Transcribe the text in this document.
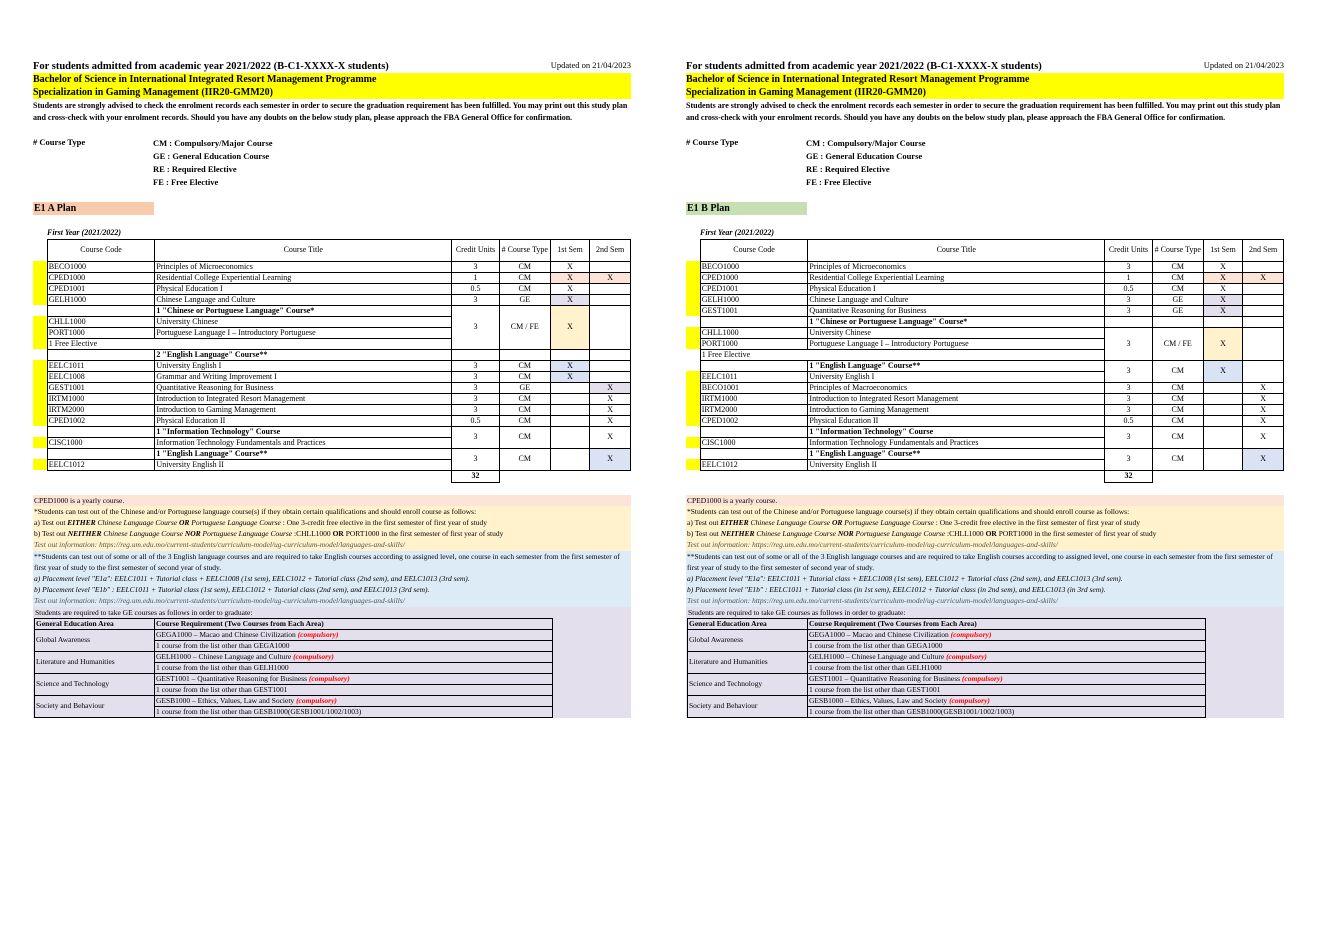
For students admitted from academic year 2021/2022 (B-C1-XXXX-X students)	Updated on 21/04/2023
Bachelor of Science in International Integrated Resort Management Programme
Specialization in Gaming Management (IIR20-GMM20)
Students are strongly advised to check the enrolment records each semester in order to secure the graduation requirement has been fulfilled. You may print out this study plan and cross-check with your enrolment records. Should you have any doubts on the below study plan, please approach the FBA General Office for confirmation.
# Course Type	CM : Compulsory/Major Course
GE : General Education Course
RE : Required Elective
FE : Free Elective
E1 A Plan
First Year (2021/2022)
	Course Code	Course Title	Credit Units	# Course Type	1st Sem	2nd Sem
	BECO1000	Principles of Microeconomics	3	CM	X	
	CPED1000	Residential College Experiential Learning	1	CM	X	X
	CPED1001	Physical Education I	0.5	CM	X	
	GELH1000	Chinese Language and Culture	3	GE	X	
		1 "Chinese or Portuguese Language" Course*	3	CM / FE	X	
	CHLL1000	University Chinese				
	PORT1000	Portuguese Language I – Introductory Portuguese				
	1 Free Elective					
		2 "English Language" Course**				
	EELC1011	University English I	3	CM	X	
	EELC1008	Grammar and Writing Improvement I	3	CM	X	
	GEST1001	Quantitative Reasoning for Business	3	GE		X
	IRTM1000	Introduction to Integrated Resort Management	3	CM		X
	IRTM2000	Introduction to Gaming Management	3	CM		X
	CPED1002	Physical Education II	0.5	CM		X
		1 "Information Technology" Course	3	CM		X
	CISC1000	Information Technology Fundamentals and Practices				
		1 "English Language" Course**	3	CM		X
	EELC1012	University English II				
			32			
CPED1000 is a yearly course.
*Students can test out of the Chinese and/or Portuguese language course(s) if they obtain certain qualifications and should enroll course as follows:
a) Test out EITHER Chinese Language Course OR Portuguese Language Course : One 3-credit free elective in the first semester of first year of study
b) Test out NEITHER Chinese Language Course NOR Portuguese Language Course :CHLL1000 OR PORT1000 in the first semester of first year of study
Test out information: https://reg.um.edu.mo/current-students/curriculum-model/ug-curriculum-model/languages-and-skills/
**Students can test out of some or all of the 3 English language courses and are required to take English courses according to assigned level, one course in each semester from the first semester of first year of study to the first semester of second year of study.
a) Placement level "E1a": EELC1011 + Tutorial class + EELC1008 (1st sem), EELC1012 + Tutorial class (2nd sem), and EELC1013 (3rd sem).
b) Placement level "E1b" : EELC1011 + Tutorial class (1st sem), EELC1012 + Tutorial class (2nd sem), and EELC1013 (3rd sem).
Test out information: https://reg.um.edu.mo/current-students/curriculum-model/ug-curriculum-model/languages-and-skills/
Students are required to take GE courses as follows in order to graduate:
General Education Area	Course Requirement (Two Courses from Each Area)
Global Awareness	GEGA1000 – Macao and Chinese Civilization (compulsory)
	1 course from the list other than GEGA1000
Literature and Humanities	GELH1000 – Chinese Language and Culture (compulsory)
	1 course from the list other than GELH1000
Science and Technology	GEST1001 – Quantitative Reasoning for Business (compulsory)
	1 course from the list other than GEST1001
Society and Behaviour	GESB1000 – Ethics, Values, Law and Society (compulsory)
	1 course from the list other than GESB1000(GESB1001/1002/1003)
For students admitted from academic year 2021/2022 (B-C1-XXXX-X students)	Updated on 21/04/2023
Bachelor of Science in International Integrated Resort Management Programme
Specialization in Gaming Management (IIR20-GMM20)
Students are strongly advised to check the enrolment records each semester in order to secure the graduation requirement has been fulfilled. You may print out this study plan and cross-check with your enrolment records. Should you have any doubts on the below study plan, please approach the FBA General Office for confirmation.
# Course Type	CM : Compulsory/Major Course
GE : General Education Course
RE : Required Elective
FE : Free Elective
E1 B Plan
First Year (2021/2022)
	Course Code	Course Title	Credit Units	# Course Type	1st Sem	2nd Sem
	BECO1000	Principles of Microeconomics	3	CM	X	
	CPED1000	Residential College Experiential Learning	1	CM	X	X
	CPED1001	Physical Education I	0.5	CM	X	
	GELH1000	Chinese Language and Culture	3	GE	X	
	GEST1001	Quantitative Reasoning for Business	3	GE	X	
		1 "Chinese or Portuguese Language" Course*				
	CHLL1000	University Chinese	3	CM / FE	X	
	PORT1000	Portuguese Language I – Introductory Portuguese				
	1 Free Elective					
		1 "English Language" Course**	3	CM	X	
	EELC1011	University English I				
	BECO1001	Principles of Macroeconomics	3	CM		X
	IRTM1000	Introduction to Integrated Resort Management	3	CM		X
	IRTM2000	Introduction to Gaming Management	3	CM		X
	CPED1002	Physical Education II	0.5	CM		X
		1 "Information Technology" Course	3	CM		X
	CISC1000	Information Technology Fundamentals and Practices				
		1 "English Language" Course**	3	CM		X
	EELC1012	University English II				
			32			
CPED1000 is a yearly course.
*Students can test out of the Chinese and/or Portuguese language course(s) if they obtain certain qualifications and should enroll course as follows:
a) Test out EITHER Chinese Language Course OR Portuguese Language Course : One 3-credit free elective in the first semester of first year of study
b) Test out NEITHER Chinese Language Course NOR Portuguese Language Course :CHLL1000 OR PORT1000 in the first semester of first year of study
Test out information: https://reg.um.edu.mo/current-students/curriculum-model/ug-curriculum-model/languages-and-skills/
**Students can test out of some or all of the 3 English language courses and are required to take English courses according to assigned level, one course in each semester from the first semester of first year of study to the first semester of second year of study.
a) Placement level "E1a": EELC1011 + Tutorial class + EELC1008 (1st sem), EELC1012 + Tutorial class (2nd sem), and EELC1013 (3rd sem).
b) Placement level "E1b" : EELC1011 + Tutorial class (in 1st sem), EELC1012 + Tutorial class (in 2nd sem), and EELC1013 (in 3rd sem).
Test out information: https://reg.um.edu.mo/current-students/curriculum-model/ug-curriculum-model/languages-and-skills/
Students are required to take GE courses as follows in order to graduate:
General Education Area	Course Requirement (Two Courses from Each Area)
Global Awareness	GEGA1000 – Macao and Chinese Civilization (compulsory)
	1 course from the list other than GEGA1000
Literature and Humanities	GELH1000 – Chinese Language and Culture (compulsory)
	1 course from the list other than GELH1000
Science and Technology	GEST1001 – Quantitative Reasoning for Business (compulsory)
	1 course from the list other than GEST1001
Society and Behaviour	GESB1000 – Ethics, Values, Law and Society (compulsory)
	1 course from the list other than GESB1000(GESB1001/1002/1003)
